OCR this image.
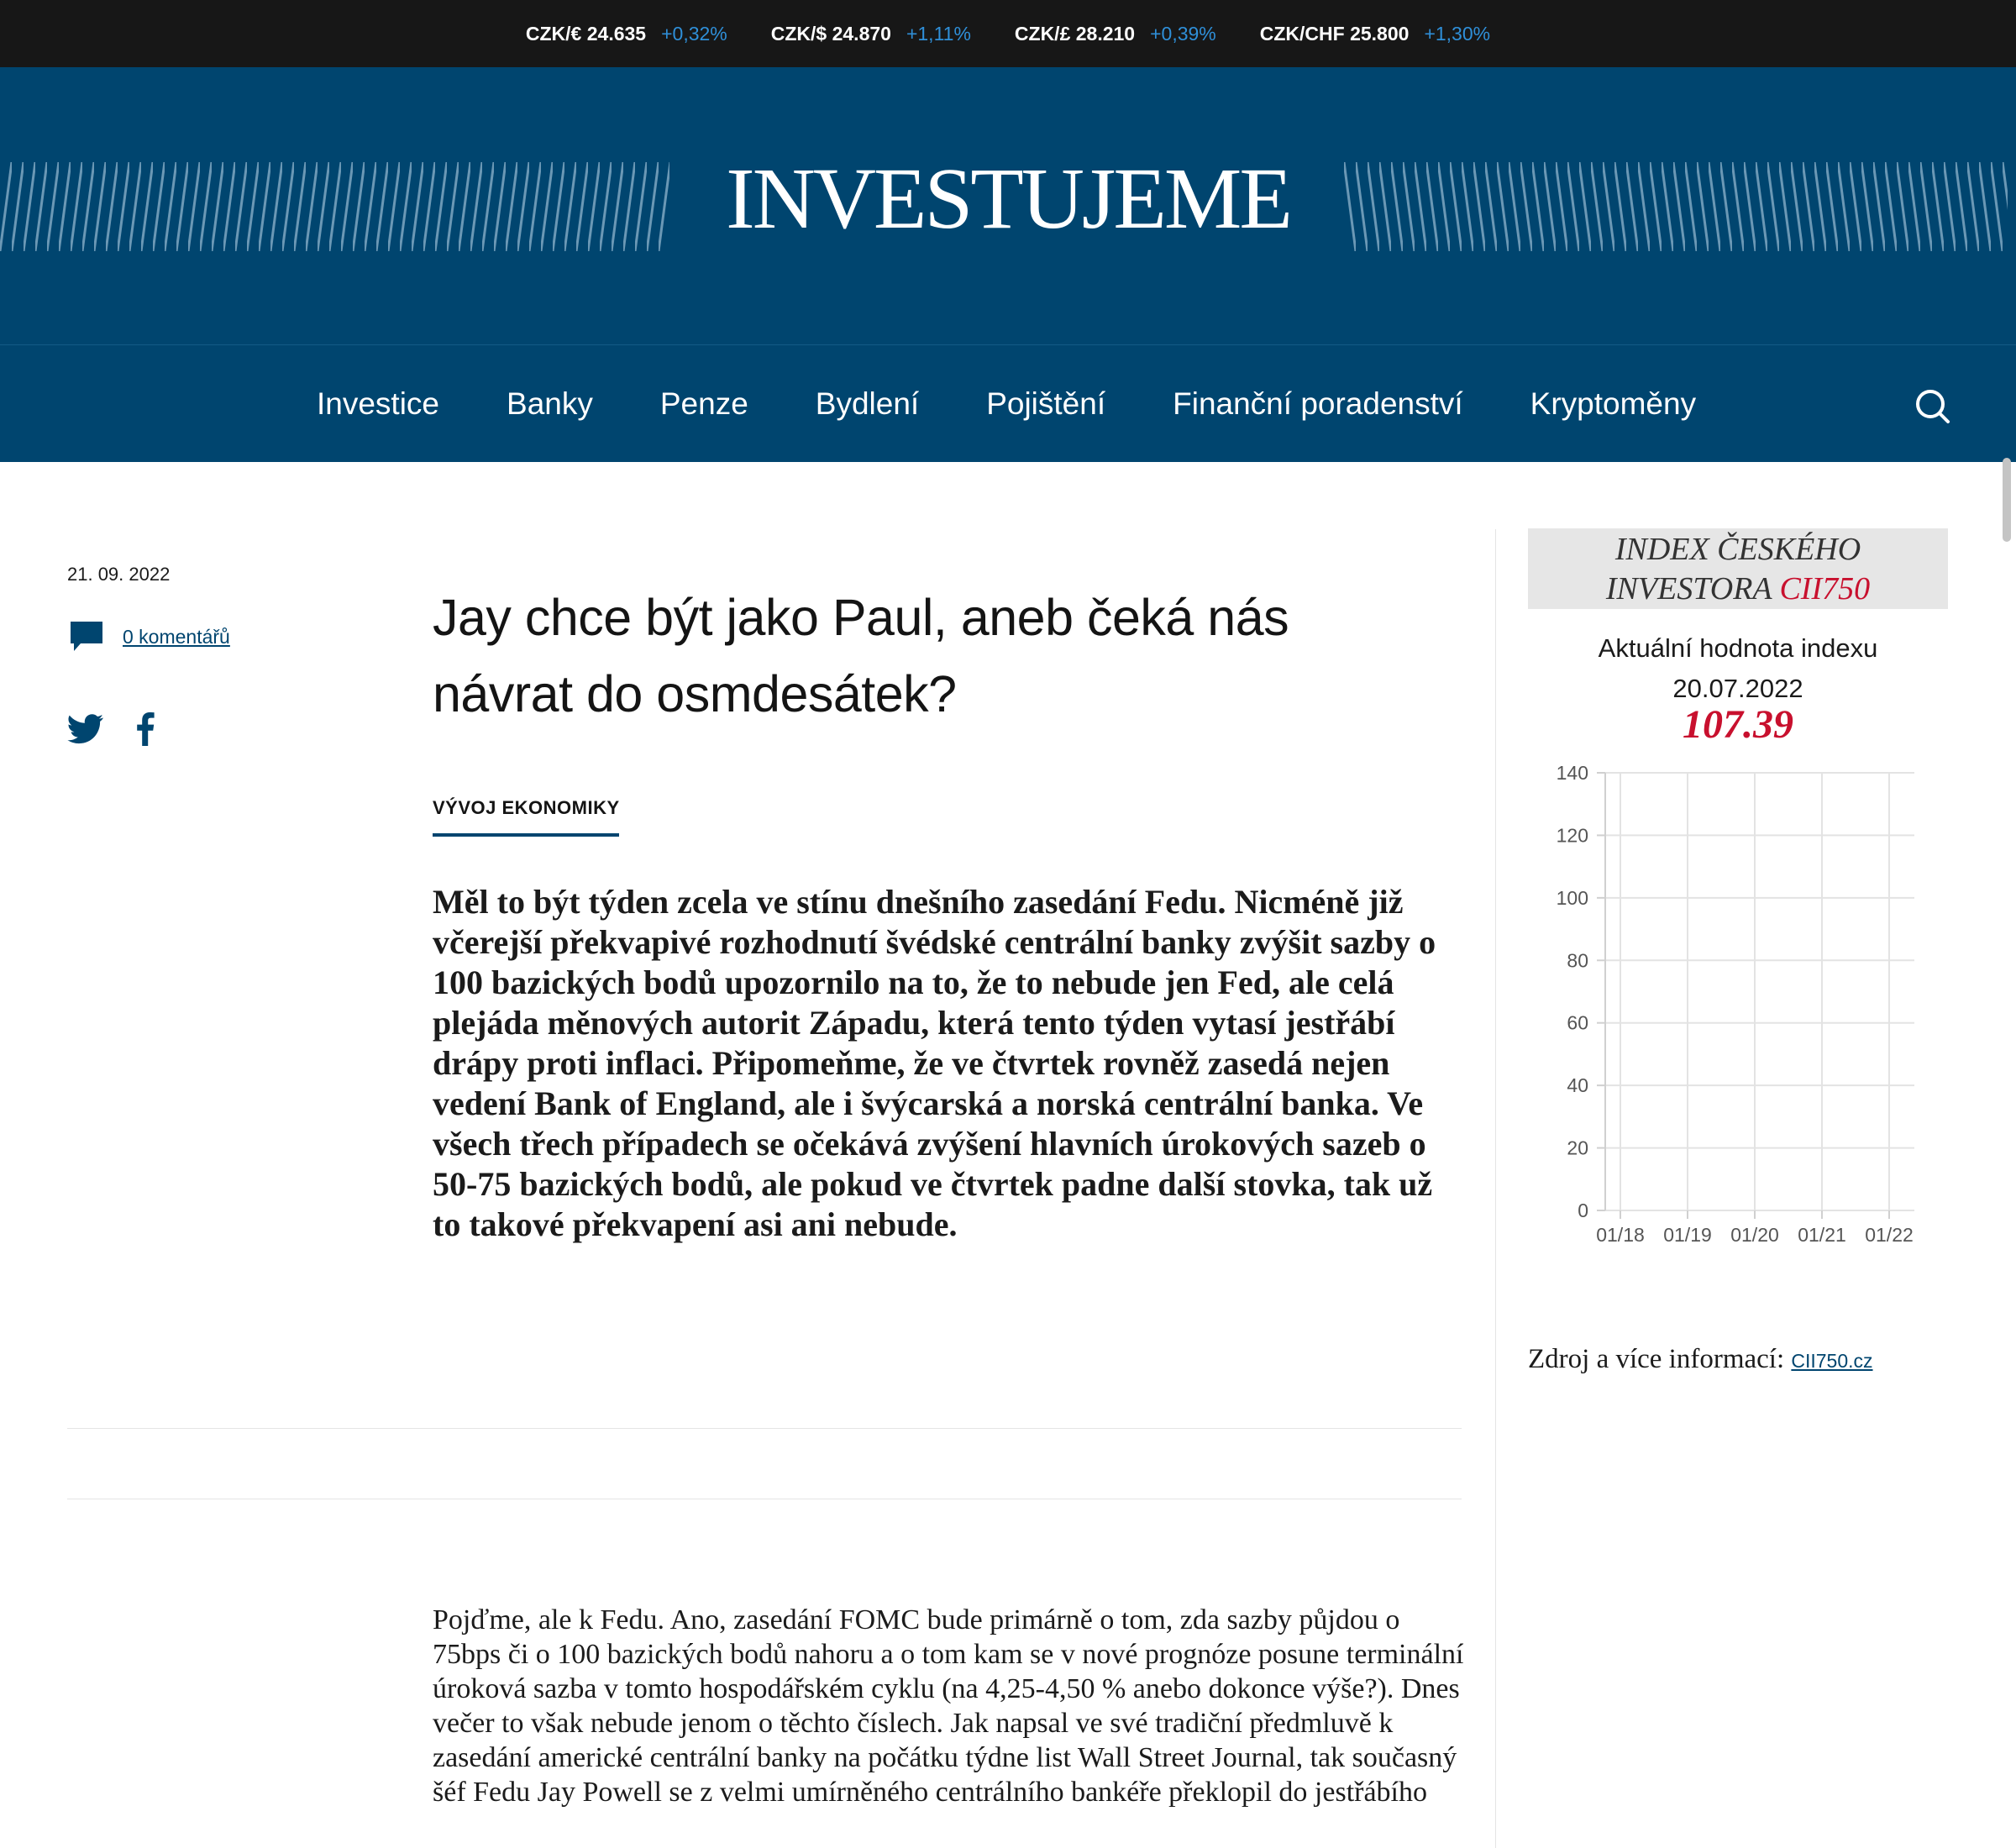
CZK/€ 24.635 +0,32% CZK/$ 24.870 +1,11% CZK/£ 28.210 +0,39% CZK/CHF 25.800 +1,30%
INVESTUJEME
Investice Banky Penze Bydlení Pojištění Finanční poradenství Kryptoměny
21. 09. 2022
0 komentářů	Jay chce být jako Paul, aneb čeká nás návrat do osmdesátek?
VÝVOJ EKONOMIKY

Měl to být týden zcela ve stínu dnešního zasedání Fedu. Nicméně již včerejší překvapivé rozhodnutí švédské centrální banky zvýšit sazby o 100 bazických bodů upozornilo na to, že to nebude jen Fed, ale celá plejáda měnových autorit Západu, která tento týden vytasí jestřábí drápy proti inflaci. Připomeňme, že ve čtvrtek rovněž zasedá nejen vedení Bank of England, ale i švýcarská a norská centrální banka. Ve všech třech případech se očekává zvýšení hlavních úrokových sazeb o 50-75 bazických bodů, ale pokud ve čtvrtek padne další stovka, tak už to takové překvapení asi ani nebude.

Pojďme, ale k Fedu. Ano, zasedání FOMC bude primárně o tom, zda sazby půjdou o 75bps či o 100 bazických bodů nahoru a o tom kam se v nové prognóze posune terminální úroková sazba v tomto hospodářském cyklu (na 4,25-4,50 % anebo dokonce výše?). Dnes večer to však nebude jenom o těchto číslech. Jak napsal ve své tradiční předmluvě k zasedání americké centrální banky na počátku týdne list Wall Street Journal, tak současný šéf Fedu Jay Powell se z velmi umírněného centrálního bankéře překlopil do jestřábího

INDEX ČESKÉHO
INVESTORA CII750
Aktuální hodnota indexu
20.07.2022
107.39
0
20
40
60
80
100
120
140
01/18 01/19 01/20 01/21 01/22
Zdroj a více informací: CII750.cz
